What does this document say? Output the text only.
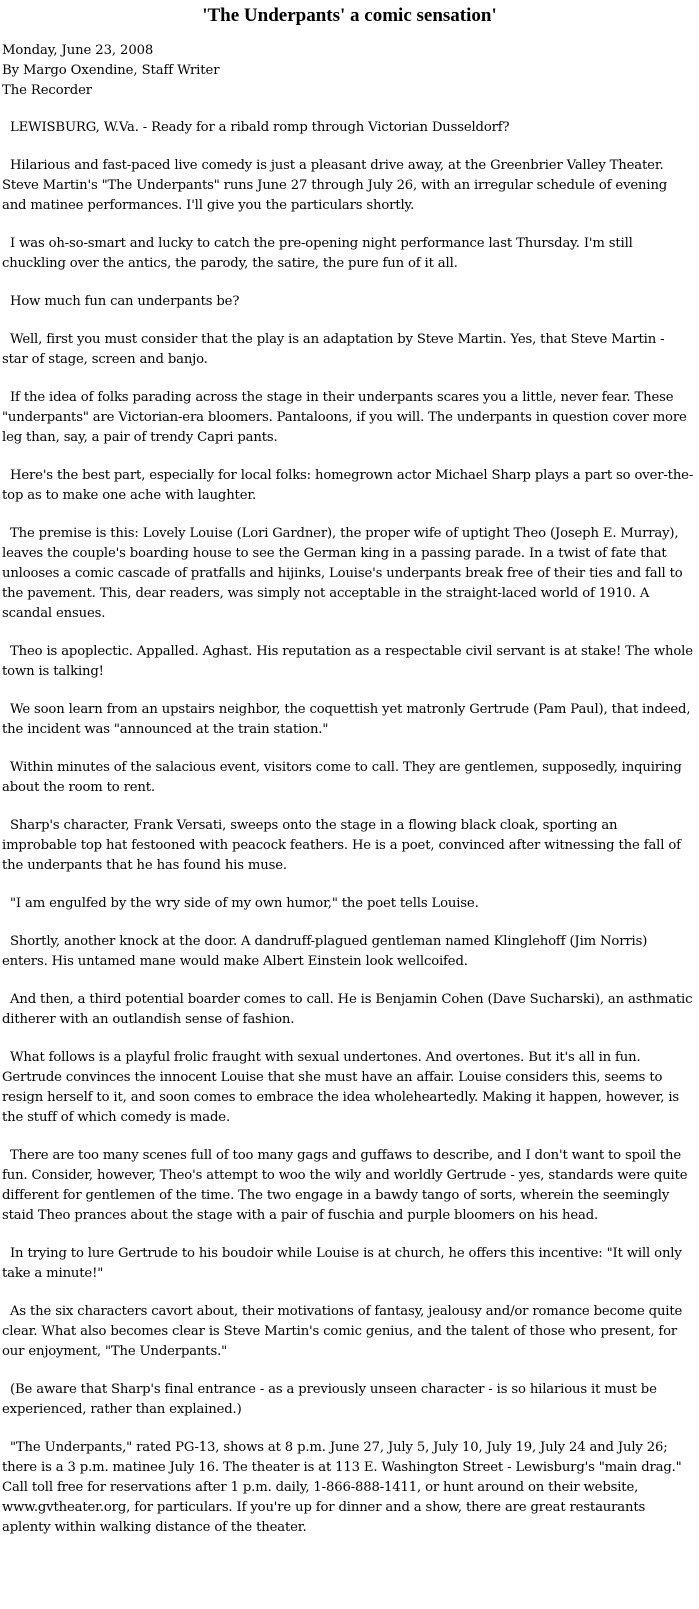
'The Underpants' a comic sensation'
Monday, June 23, 2008
By Margo Oxendine, Staff Writer
The Recorder

LEWISBURG, W.Va. - Ready for a ribald romp through Victorian Dusseldorf?

Hilarious and fast-paced live comedy is just a pleasant drive away, at the Greenbrier Valley Theater. Steve Martin's "The Underpants" runs June 27 through July 26, with an irregular schedule of evening and matinee performances. I'll give you the particulars shortly.

I was oh-so-smart and lucky to catch the pre-opening night performance last Thursday. I'm still chuckling over the antics, the parody, the satire, the pure fun of it all.

How much fun can underpants be?

Well, first you must consider that the play is an adaptation by Steve Martin. Yes, that Steve Martin - star of stage, screen and banjo.

If the idea of folks parading across the stage in their underpants scares you a little, never fear. These "underpants" are Victorian-era bloomers. Pantaloons, if you will. The underpants in question cover more leg than, say, a pair of trendy Capri pants.

Here's the best part, especially for local folks: homegrown actor Michael Sharp plays a part so over-the-top as to make one ache with laughter.

The premise is this: Lovely Louise (Lori Gardner), the proper wife of uptight Theo (Joseph E. Murray), leaves the couple's boarding house to see the German king in a passing parade. In a twist of fate that unlooses a comic cascade of pratfalls and hijinks, Louise's underpants break free of their ties and fall to the pavement. This, dear readers, was simply not acceptable in the straight-laced world of 1910. A scandal ensues.

Theo is apoplectic. Appalled. Aghast. His reputation as a respectable civil servant is at stake! The whole town is talking!

We soon learn from an upstairs neighbor, the coquettish yet matronly Gertrude (Pam Paul), that indeed, the incident was "announced at the train station."

Within minutes of the salacious event, visitors come to call. They are gentlemen, supposedly, inquiring about the room to rent.

Sharp's character, Frank Versati, sweeps onto the stage in a flowing black cloak, sporting an improbable top hat festooned with peacock feathers. He is a poet, convinced after witnessing the fall of the underpants that he has found his muse.

"I am engulfed by the wry side of my own humor," the poet tells Louise.

Shortly, another knock at the door. A dandruff-plagued gentleman named Klinglehoff (Jim Norris) enters. His untamed mane would make Albert Einstein look wellcoifed.

And then, a third potential boarder comes to call. He is Benjamin Cohen (Dave Sucharski), an asthmatic ditherer with an outlandish sense of fashion.

What follows is a playful frolic fraught with sexual undertones. And overtones. But it's all in fun. Gertrude convinces the innocent Louise that she must have an affair. Louise considers this, seems to resign herself to it, and soon comes to embrace the idea wholeheartedly. Making it happen, however, is the stuff of which comedy is made.

There are too many scenes full of too many gags and guffaws to describe, and I don't want to spoil the fun. Consider, however, Theo's attempt to woo the wily and worldly Gertrude - yes, standards were quite different for gentlemen of the time. The two engage in a bawdy tango of sorts, wherein the seemingly staid Theo prances about the stage with a pair of fuschia and purple bloomers on his head.

In trying to lure Gertrude to his boudoir while Louise is at church, he offers this incentive: "It will only take a minute!"

As the six characters cavort about, their motivations of fantasy, jealousy and/or romance become quite clear. What also becomes clear is Steve Martin's comic genius, and the talent of those who present, for our enjoyment, "The Underpants."

(Be aware that Sharp's final entrance - as a previously unseen character - is so hilarious it must be experienced, rather than explained.)

"The Underpants," rated PG-13, shows at 8 p.m. June 27, July 5, July 10, July 19, July 24 and July 26; there is a 3 p.m. matinee July 16. The theater is at 113 E. Washington Street - Lewisburg's "main drag." Call toll free for reservations after 1 p.m. daily, 1-866-888-1411, or hunt around on their website, www.gvtheater.org, for particulars. If you're up for dinner and a show, there are great restaurants aplenty within walking distance of the theater.
